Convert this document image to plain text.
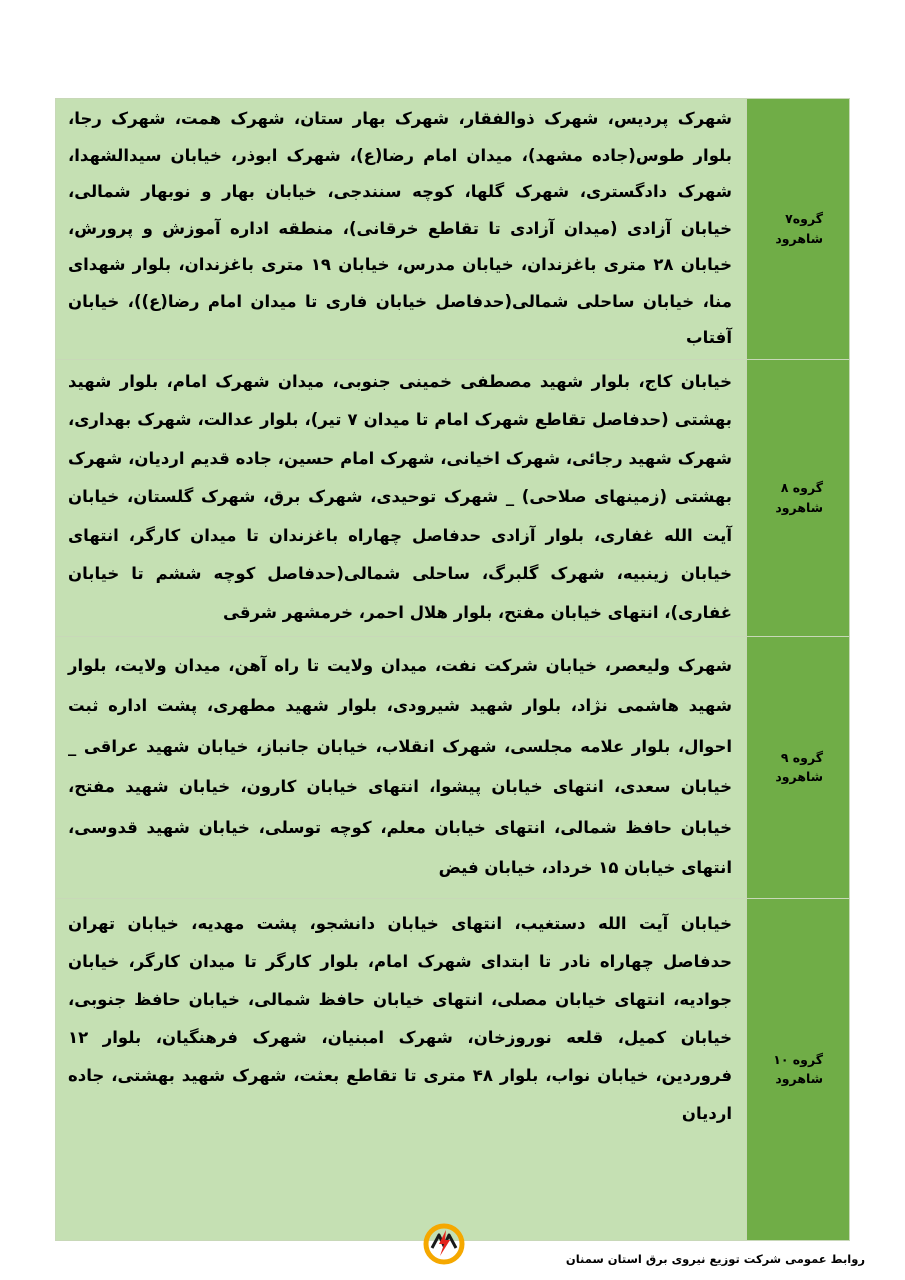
شهرک پردیس، شهرک ذوالفقار، شهرک بهار ستان، شهرک همت، شهرک رجا، بلوار طوس(جاده مشهد)، میدان امام رضا(ع)، شهرک ابوذر، خیابان سیدالشهدا، شهرک دادگستری، شهرک گلها، کوچه سنندجی، خیابان بهار و نوبهار شمالی، خیابان آزادی (میدان آزادی تا تقاطع خرقانی)، منطقه اداره آموزش و پرورش، خیابان ۲۸ متری باغزندان، خیابان مدرس، خیابان ۱۹ متری باغزندان، بلوار شهدای منا، خیابان ساحلی شمالی(حدفاصل خیابان فاری تا میدان امام رضا(ع))، خیابان آفتاب	گروه۷
شاهرود

خیابان کاج، بلوار شهید مصطفی خمینی جنوبی، میدان شهرک امام، بلوار شهید بهشتی (حدفاصل تقاطع شهرک امام تا میدان ۷ تیر)، بلوار عدالت، شهرک بهداری، شهرک شهید رجائی، شهرک اخیانی، شهرک امام حسین، جاده قدیم اردیان، شهرک بهشتی (زمینهای صلاحی) _ شهرک توحیدی، شهرک برق، شهرک گلستان، خیابان آیت الله غفاری، بلوار آزادی حدفاصل چهاراه باغزندان تا میدان کارگر، انتهای خیابان زینبیه، شهرک گلبرگ، ساحلی شمالی(حدفاصل کوچه ششم تا خیابان غفاری)، انتهای خیابان مفتح، بلوار هلال احمر، خرمشهر شرقی	گروه ۸
شاهرود

شهرک ولیعصر، خیابان شرکت نفت، میدان ولایت تا راه آهن، میدان ولایت، بلوار شهید هاشمی نژاد، بلوار شهید شیرودی، بلوار شهید مطهری، پشت اداره ثبت احوال، بلوار علامه مجلسی، شهرک انقلاب، خیابان جانباز، خیابان شهید عراقی _ خیابان سعدی، انتهای خیابان پیشوا، انتهای خیابان کارون، خیابان شهید مفتح، خیابان حافظ شمالی، انتهای خیابان معلم، کوچه توسلی، خیابان شهید قدوسی، انتهای خیابان ۱۵ خرداد، خیابان فیض	گروه ۹
شاهرود

خیابان آیت الله دستغیب، انتهای خیابان دانشجو، پشت مهدیه، خیابان تهران حدفاصل چهاراه نادر تا ابتدای شهرک امام، بلوار کارگر تا میدان کارگر، خیابان جوادیه، انتهای خیابان مصلی، انتهای خیابان حافظ شمالی، خیابان حافظ جنوبی، خیابان کمیل، قلعه نوروزخان، شهرک امبنیان، شهرک فرهنگیان، بلوار ۱۲ فروردین، خیابان نواب، بلوار ۴۸ متری تا تقاطع بعثت، شهرک شهید بهشتی، جاده اردیان	گروه ۱۰
شاهرود
روابط عمومی شرکت توزیع نیروی برق استان سمنان
